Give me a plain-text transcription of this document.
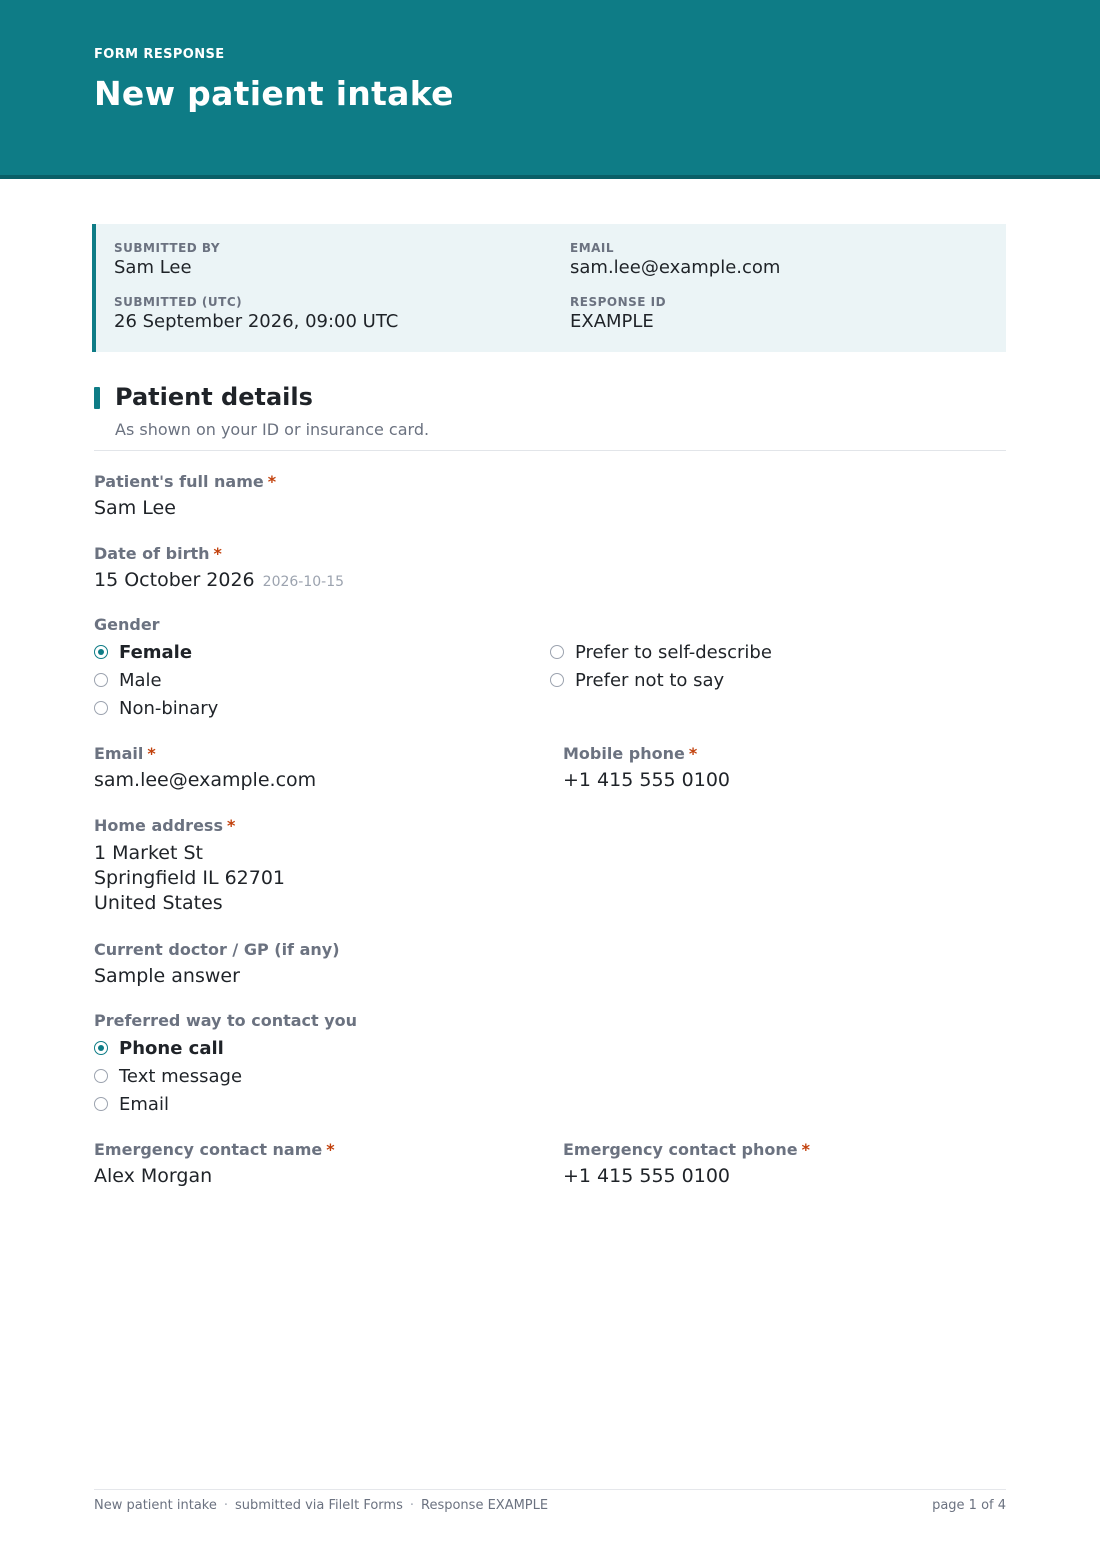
FORM RESPONSE
New patient intake
SUBMITTED BY
Sam Lee
EMAIL
sam.lee@example.com
SUBMITTED (UTC)
26 September 2026, 09:00 UTC
RESPONSE ID
EXAMPLE
Patient details
As shown on your ID or insurance card.
Patient's full name *
Sam Lee
Date of birth *
15 October 2026 2026-10-15
Gender
Female
Male
Non-binary
Prefer to self-describe
Prefer not to say
Email *
sam.lee@example.com
Mobile phone *
+1 415 555 0100
Home address *
1 Market St
Springfield IL 62701
United States
Current doctor / GP (if any)
Sample answer
Preferred way to contact you
Phone call
Text message
Email
Emergency contact name *
Alex Morgan
Emergency contact phone *
+1 415 555 0100
New patient intake · submitted via FileIt Forms · Response EXAMPLE	page 1 of 4
